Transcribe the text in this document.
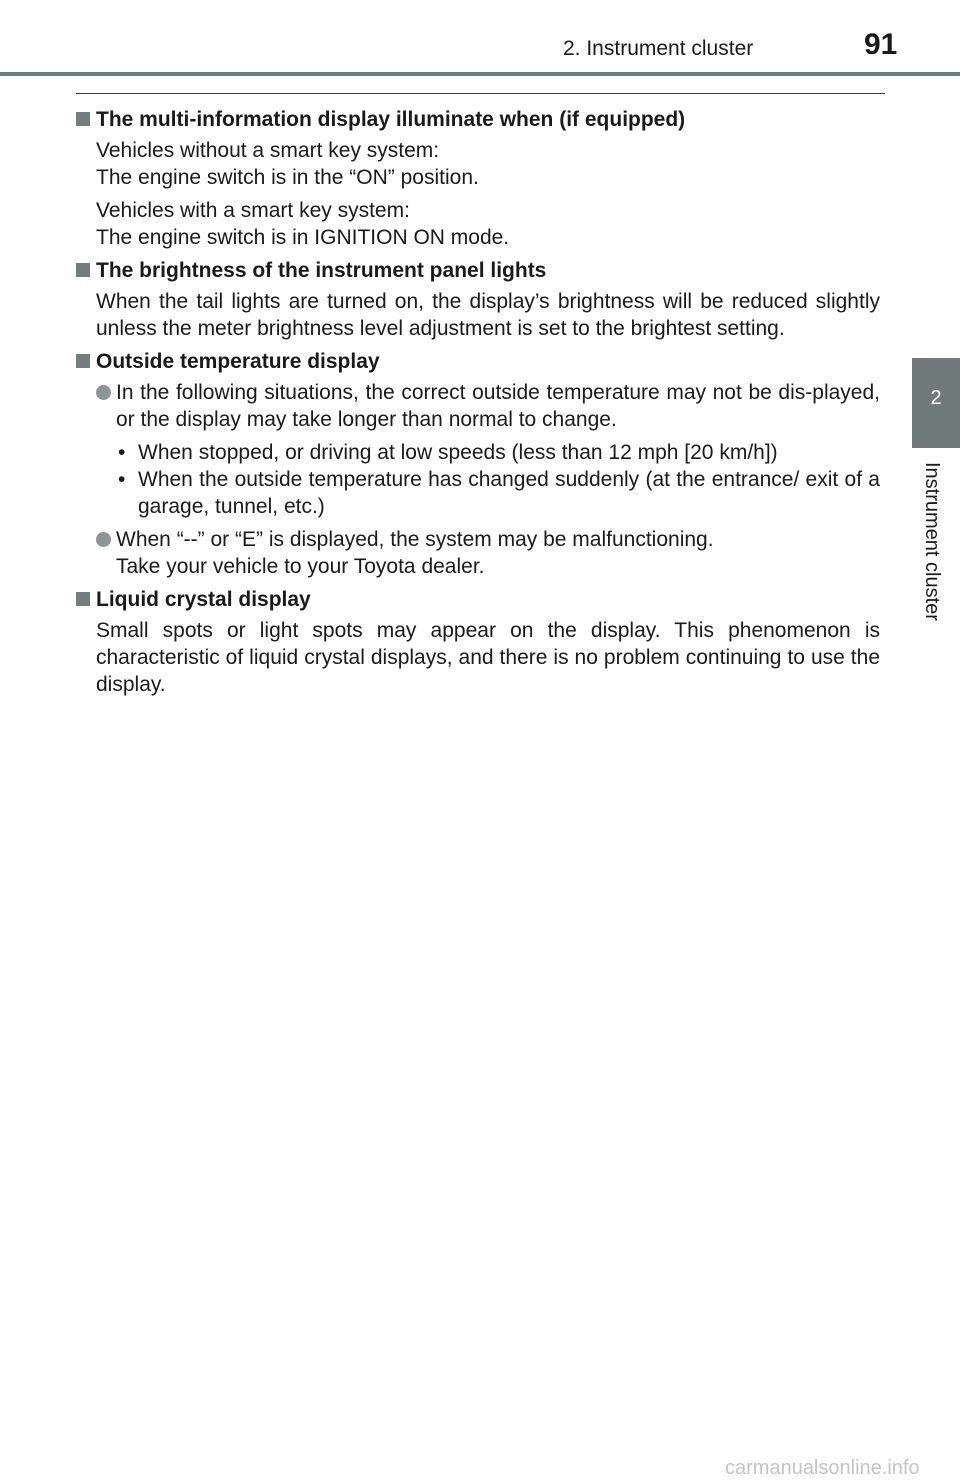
2. Instrument cluster	91
2
Instrument cluster
The multi-information display illuminate when (if equipped)
Vehicles without a smart key system:
The engine switch is in the “ON” position.
Vehicles with a smart key system:
The engine switch is in IGNITION ON mode.
The brightness of the instrument panel lights
When the tail lights are turned on, the display’s brightness will be reduced slightly unless the meter brightness level adjustment is set to the brightest setting.
Outside temperature display
In the following situations, the correct outside temperature may not be dis-played, or the display may take longer than normal to change.
• When stopped, or driving at low speeds (less than 12 mph [20 km/h])
• When the outside temperature has changed suddenly (at the entrance/ exit of a garage, tunnel, etc.)
When “--” or “E” is displayed, the system may be malfunctioning.
Take your vehicle to your Toyota dealer.
Liquid crystal display
Small spots or light spots may appear on the display. This phenomenon is characteristic of liquid crystal displays, and there is no problem continuing to use the display.
carmanualsonline.info
